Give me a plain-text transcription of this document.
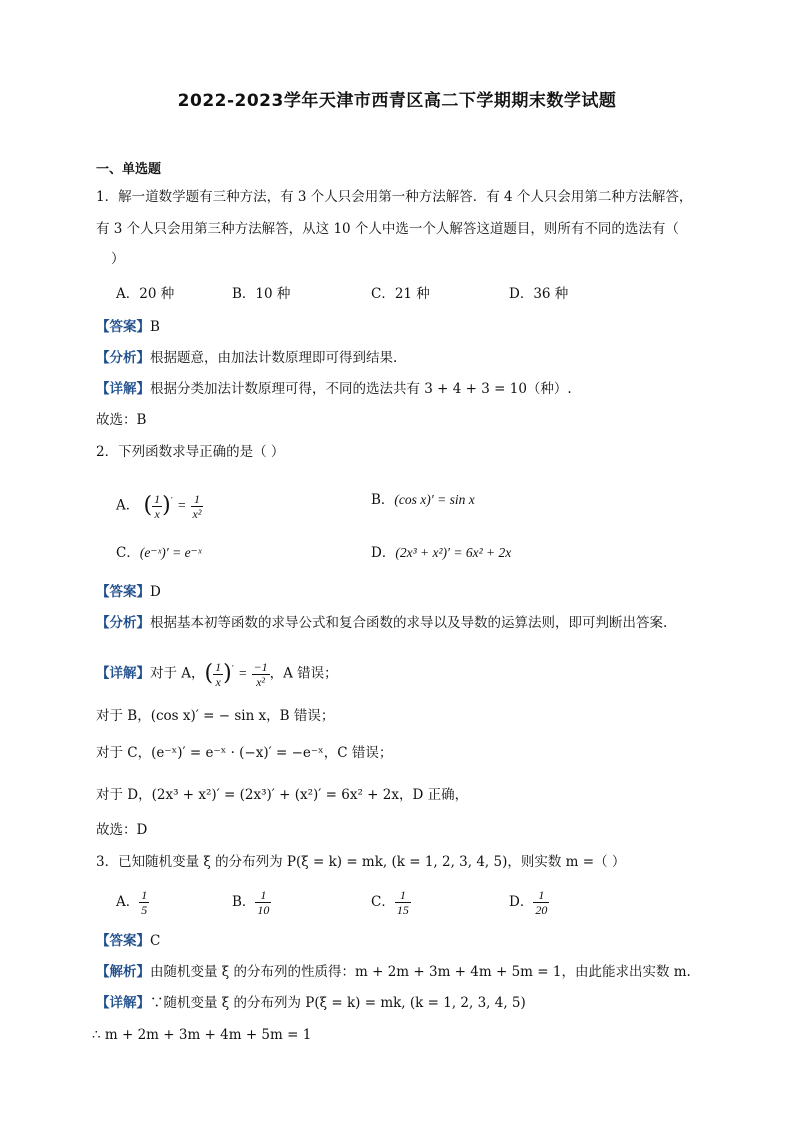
2022-2023学年天津市西青区高二下学期期末数学试题
一、单选题
1．解一道数学题有三种方法，有 3 个人只会用第一种方法解答．有 4 个人只会用第二种方法解答，
有 3 个人只会用第三种方法解答，从这 10 个人中选一个人解答这道题目，则所有不同的选法有（
）
A．20 种	B．10 种	C．21 种	D．36 种
【答案】B
【分析】根据题意，由加法计数原理即可得到结果.
【详解】根据分类加法计数原理可得，不同的选法共有 3 + 4 + 3 = 10（种）.
故选：B
2．下列函数求导正确的是（ ）
A． ( $\frac{1}{x} )' = \frac{1}{\text{x²}}$	B．(cos x)′ = sin x
C．(e⁻ˣ)′ = e⁻ˣ	D．(2x³ + x²)′ = 6x² + 2x
【答案】D
【分析】根据基本初等函数的求导公式和复合函数的求导以及导数的运算法则，即可判断出答案.
【详解】对于 A，( $\frac{1}{x} )' = \frac{-1}{\text{x²}}$ ，A 错误；
对于 B，(cos x)′ = − sin x，B 错误；
对于 C，(e⁻ˣ)′ = e⁻ˣ · (−x)′ = −e⁻ˣ，C 错误；
对于 D，(2x³ + x²)′ = (2x³)′ + (x²)′ = 6x² + 2x，D 正确，
故选：D
3．已知随机变量 ξ 的分布列为 P(ξ = k) = mk, (k = 1, 2, 3, 4, 5)，则实数 m =（ ）
A． $\frac{1}{5}$	B． $\frac{1}{10}$	C． $\frac{1}{15}$	D． $\frac{1}{20}$
【答案】C
【解析】由随机变量 ξ 的分布列的性质得：m + 2m + 3m + 4m + 5m = 1，由此能求出实数 m.
【详解】∵随机变量 ξ 的分布列为 P(ξ = k) = mk, (k = 1, 2, 3, 4, 5)
∴ m + 2m + 3m + 4m + 5m = 1
